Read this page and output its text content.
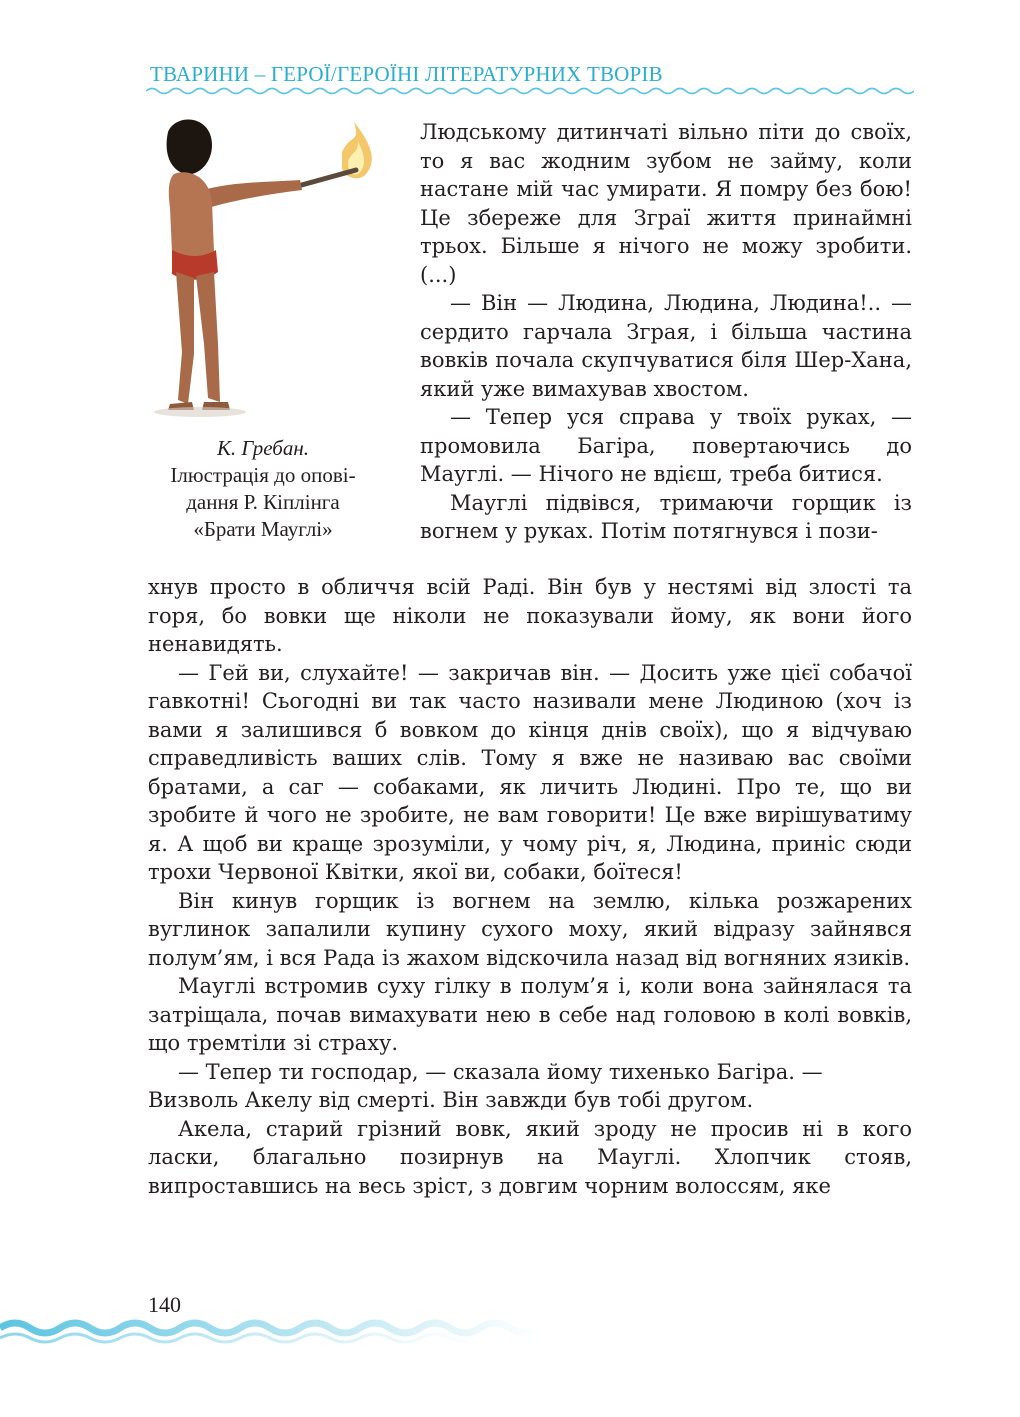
ТВАРИНИ – ГЕРОЇ/ГЕРОЇНІ ЛІТЕРАТУРНИХ ТВОРІВ
К. Гребан.
Ілюстрація до опові-
дання Р. Кіплінга
«Брати Мауглі»

Людському дитинчаті вільно піти до своїх, то я вас жодним зубом не займу, коли настане мій час умирати. Я помру без бою! Це збереже для Зграї життя принаймні трьох. Більше я нічого не можу зробити. (...)

— Він — Людина, Людина, Людина!.. — сердито гарчала Зграя, і більша частина вовків почала скупчуватися біля Шер-Хана, який уже вимахував хвостом.

— Тепер уся справа у твоїх руках, — промовила Багіра, повертаючись до Мауглі. — Нічого не вдієш, треба битися.

Мауглі підвівся, тримаючи горщик із вогнем у руках. Потім потягнувся і пози-

хнув просто в обличчя всій Раді. Він був у нестямі від злості та горя, бо вовки ще ніколи не показували йому, як вони його ненавидять.

— Гей ви, слухайте! — закричав він. — Досить уже цієї собачої гавкотні! Сьогодні ви так часто називали мене Людиною (хоч із вами я залишився б вовком до кінця днів своїх), що я відчуваю справедливість ваших слів. Тому я вже не називаю вас своїми братами, а саг — собаками, як личить Людині. Про те, що ви зробите й чого не зробите, не вам говорити! Це вже вирішуватиму я. А щоб ви краще зрозуміли, у чому річ, я, Людина, приніс сюди трохи Червоної Квітки, якої ви, собаки, боїтеся!

Він кинув горщик із вогнем на землю, кілька розжарених вуглинок запалили купину сухого моху, який відразу зайнявся полум’ям, і вся Рада із жахом відскочила назад від вогняних язиків.

Мауглі встромив суху гілку в полум’я і, коли вона зайнялася та затріщала, почав вимахувати нею в себе над головою в колі вовків, що тремтіли зі страху.

— Тепер ти господар, — сказала йому тихенько Багіра. — Визволь Акелу від смерті. Він завжди був тобі другом.

Акела, старий грізний вовк, який зроду не просив ні в кого ласки, благально позирнув на Мауглі. Хлопчик стояв, випроставшись на весь зріст, з довгим чорним волоссям, яке

140
